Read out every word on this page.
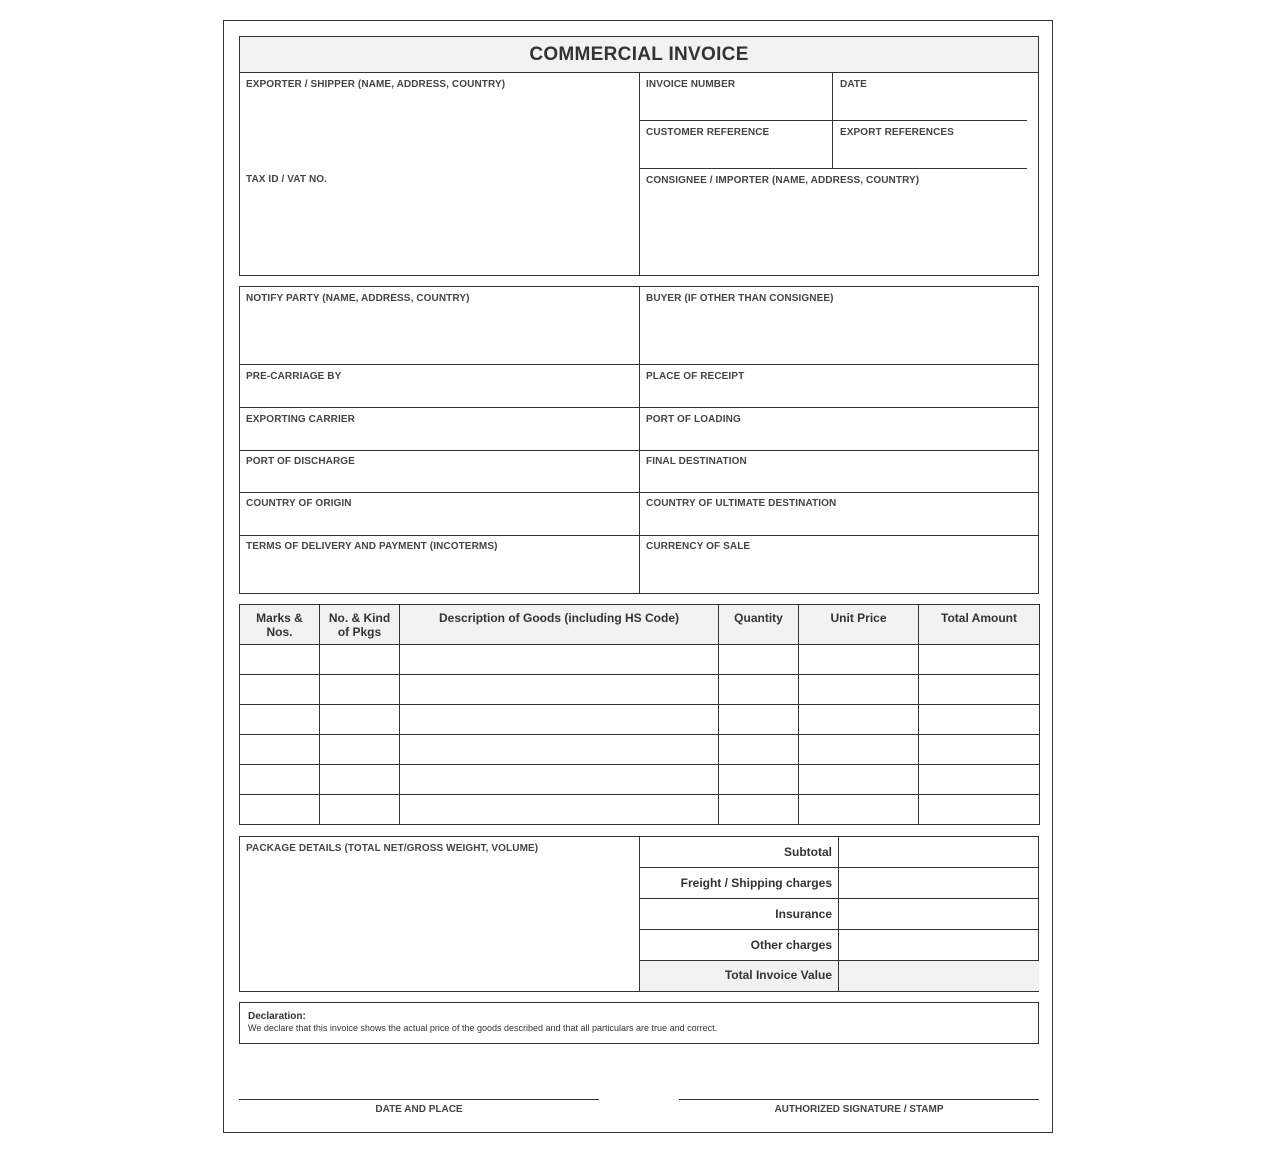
COMMERCIAL INVOICE
EXPORTER / SHIPPER (NAME, ADDRESS, COUNTRY)
TAX ID / VAT NO.
INVOICE NUMBER	DATE
CUSTOMER REFERENCE	EXPORT REFERENCES
CONSIGNEE / IMPORTER (NAME, ADDRESS, COUNTRY)
NOTIFY PARTY (NAME, ADDRESS, COUNTRY)	BUYER (IF OTHER THAN CONSIGNEE)
PRE-CARRIAGE BY	PLACE OF RECEIPT
EXPORTING CARRIER	PORT OF LOADING
PORT OF DISCHARGE	FINAL DESTINATION
COUNTRY OF ORIGIN	COUNTRY OF ULTIMATE DESTINATION
TERMS OF DELIVERY AND PAYMENT (INCOTERMS)	CURRENCY OF SALE
Marks & Nos.	No. & Kind of Pkgs	Description of Goods (including HS Code)	Quantity	Unit Price	Total Amount

PACKAGE DETAILS (TOTAL NET/GROSS WEIGHT, VOLUME)	Subtotal
Freight / Shipping charges
Insurance
Other charges
Total Invoice Value
Declaration:
We declare that this invoice shows the actual price of the goods described and that all particulars are true and correct.
DATE AND PLACE	AUTHORIZED SIGNATURE / STAMP
